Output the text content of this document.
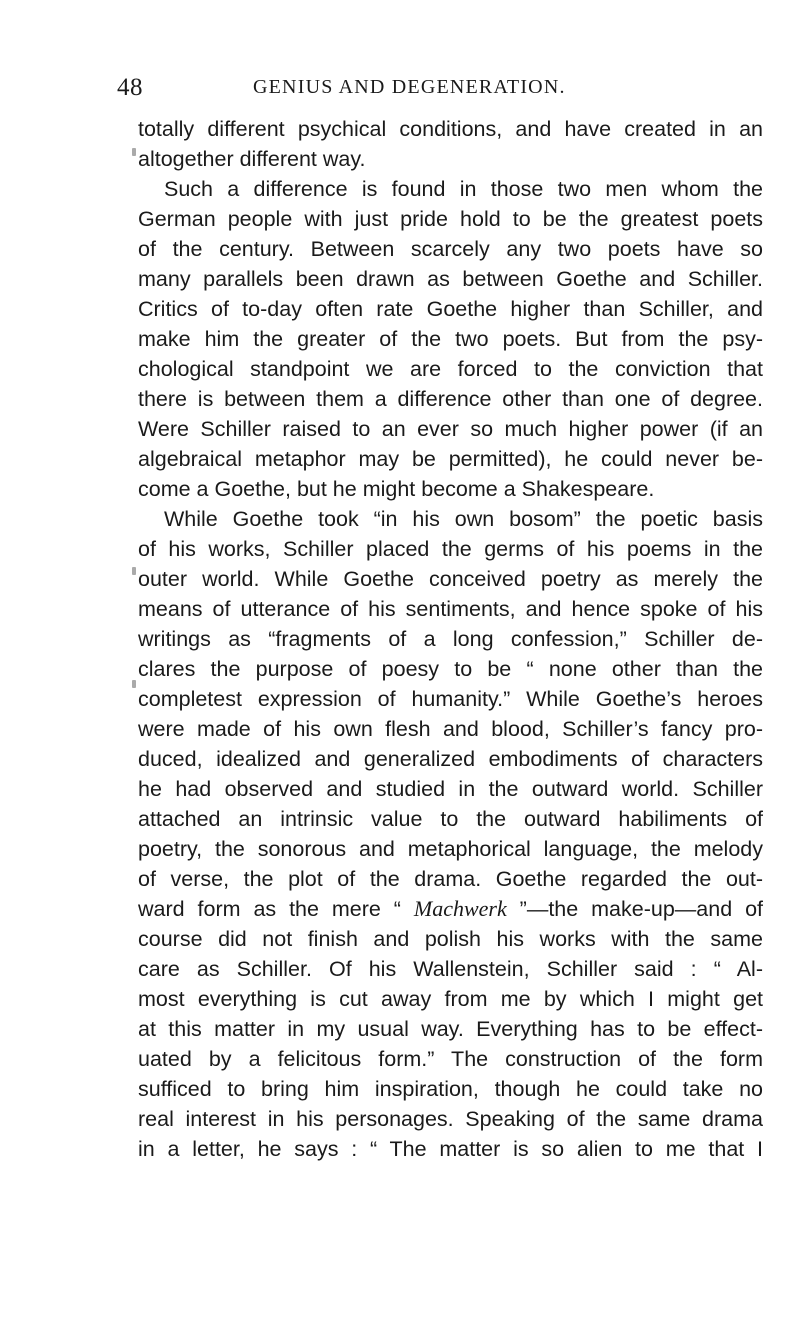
48	GENIUS AND DEGENERATION.
totally different psychical conditions, and have created in an
altogether different way.
Such a difference is found in those two men whom the
German people with just pride hold to be the greatest poets
of the century. Between scarcely any two poets have so
many parallels been drawn as between Goethe and Schiller.
Critics of to-day often rate Goethe higher than Schiller, and
make him the greater of the two poets. But from the psy-
chological standpoint we are forced to the conviction that
there is between them a difference other than one of degree.
Were Schiller raised to an ever so much higher power (if an
algebraical metaphor may be permitted), he could never be-
come a Goethe, but he might become a Shakespeare.
While Goethe took “in his own bosom” the poetic basis
of his works, Schiller placed the germs of his poems in the
outer world. While Goethe conceived poetry as merely the
means of utterance of his sentiments, and hence spoke of his
writings as “fragments of a long confession,” Schiller de-
clares the purpose of poesy to be “ none other than the
completest expression of humanity.” While Goethe’s heroes
were made of his own flesh and blood, Schiller’s fancy pro-
duced, idealized and generalized embodiments of characters
he had observed and studied in the outward world. Schiller
attached an intrinsic value to the outward habiliments of
poetry, the sonorous and metaphorical language, the melody
of verse, the plot of the drama. Goethe regarded the out-
ward form as the mere “ Machwerk ”—the make-up—and of
course did not finish and polish his works with the same
care as Schiller. Of his Wallenstein, Schiller said : “ Al-
most everything is cut away from me by which I might get
at this matter in my usual way. Everything has to be effect-
uated by a felicitous form.” The construction of the form
sufficed to bring him inspiration, though he could take no
real interest in his personages. Speaking of the same drama
in a letter, he says : “ The matter is so alien to me that I
